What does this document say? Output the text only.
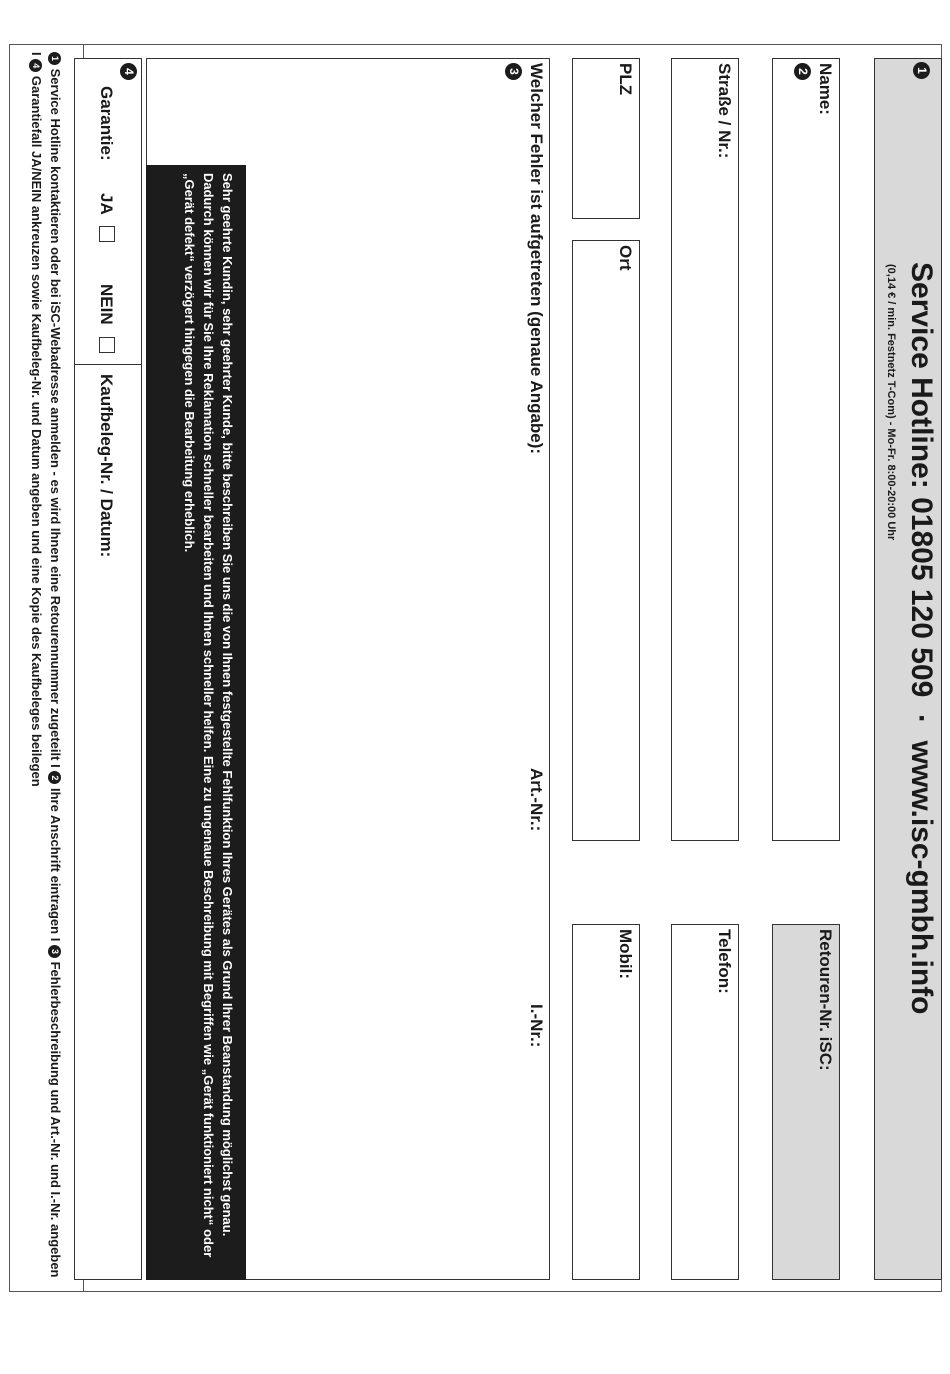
1
Service Hotline: 01805 120 509  ·  www.isc-gmbh.info
(0,14 € / min. Festnetz T-Com) - Mo-Fr. 8:00-20:00 Uhr
Name:
2
Retouren-Nr. iSC:
Straße / Nr.:
Telefon:
PLZ
Ort
Mobil:
Welcher Fehler ist aufgetreten (genaue Angabe):
3
Art.-Nr.:
I.-Nr.:

Sehr geehrte Kundin, sehr geehrter Kunde, bitte beschreiben Sie uns die von Ihnen festgestellte Fehlfunktion Ihres Gerätes als Grund Ihrer Beanstandung möglichst genau. Dadurch können wir für Sie Ihre Reklamation schneller bearbeiten und Ihnen schneller helfen. Eine zu ungenaue Beschreibung mit Begriffen wie „Gerät funktioniert nicht“ oder „Gerät defekt“ verzögert hingegen die Bearbeitung erheblich.

4
Garantie:
JA
NEIN
Kaufbeleg-Nr. / Datum:
1 Service Hotline kontaktieren oder bei iSC-Webadresse anmelden - es wird Ihnen eine Retourennummer zugeteilt I 2 Ihre Anschrift eintragen I 3 Fehlerbeschreibung und Art.-Nr. und I.-Nr. angeben I 4 Garantiefall JA/NEIN ankreuzen sowie Kaufbeleg-Nr. und Datum angeben und eine Kopie des Kaufbeleges beilegen
